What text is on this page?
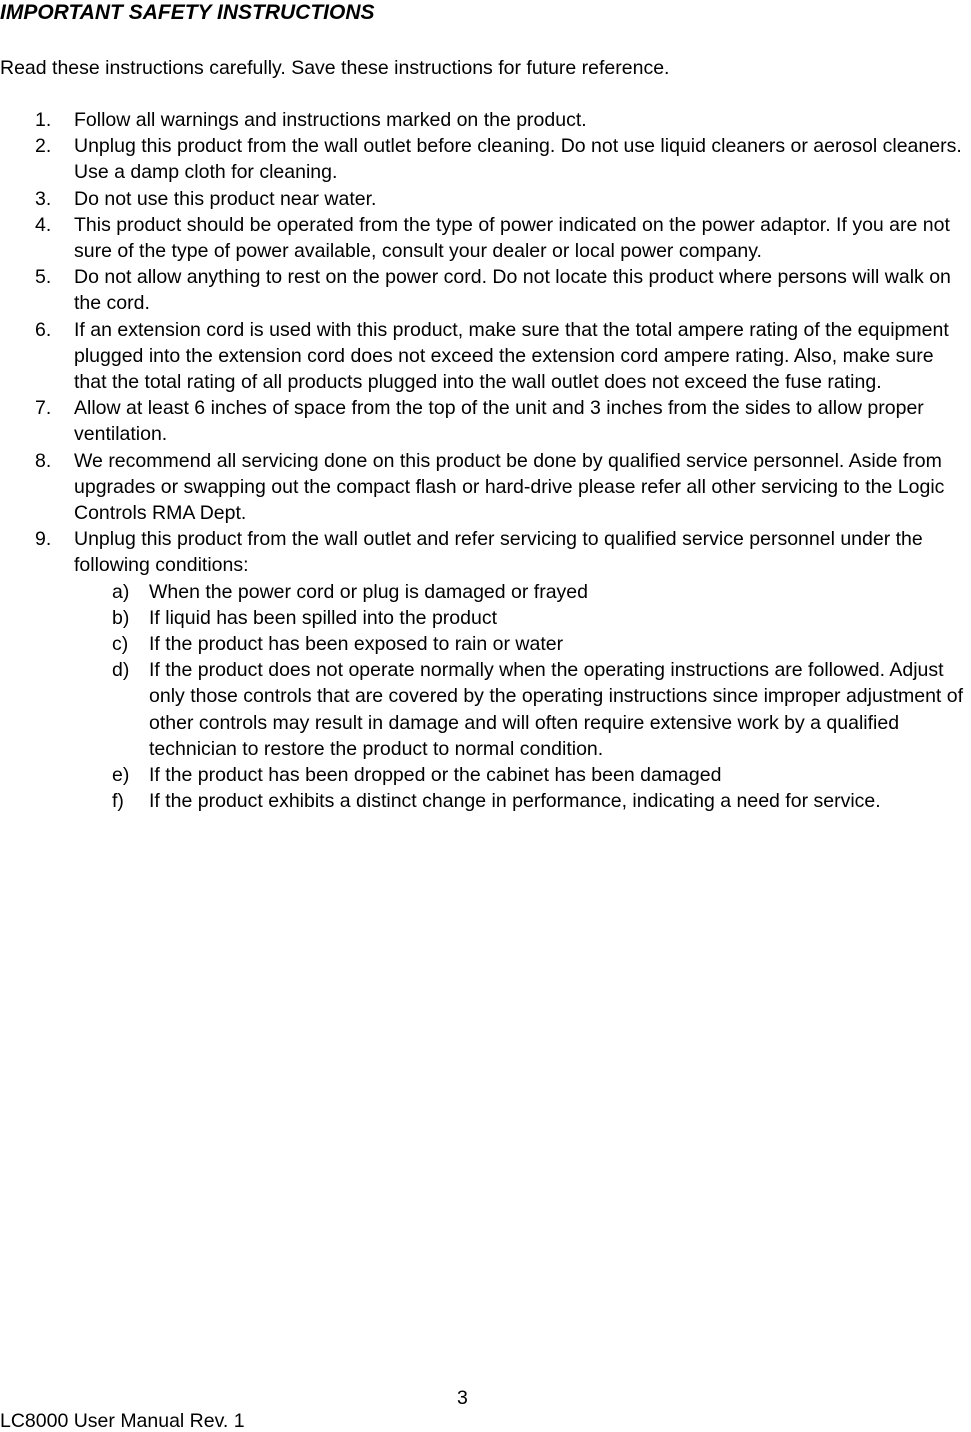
IMPORTANT SAFETY INSTRUCTIONS

Read these instructions carefully. Save these instructions for future reference.

1. Follow all warnings and instructions marked on the product.
2. Unplug this product from the wall outlet before cleaning. Do not use liquid cleaners or aerosol cleaners. Use a damp cloth for cleaning.
3. Do not use this product near water.
4. This product should be operated from the type of power indicated on the power adaptor. If you are not sure of the type of power available, consult your dealer or local power company.
5. Do not allow anything to rest on the power cord. Do not locate this product where persons will walk on the cord.
6. If an extension cord is used with this product, make sure that the total ampere rating of the equipment plugged into the extension cord does not exceed the extension cord ampere rating. Also, make sure that the total rating of all products plugged into the wall outlet does not exceed the fuse rating.
7. Allow at least 6 inches of space from the top of the unit and 3 inches from the sides to allow proper ventilation.
8. We recommend all servicing done on this product be done by qualified service personnel. Aside from upgrades or swapping out the compact flash or hard-drive please refer all other servicing to the Logic Controls RMA Dept.
9. Unplug this product from the wall outlet and refer servicing to qualified service personnel under the following conditions:
a) When the power cord or plug is damaged or frayed
b) If liquid has been spilled into the product
c) If the product has been exposed to rain or water
d) If the product does not operate normally when the operating instructions are followed. Adjust only those controls that are covered by the operating instructions since improper adjustment of other controls may result in damage and will often require extensive work by a qualified technician to restore the product to normal condition.
e) If the product has been dropped or the cabinet has been damaged
f) If the product exhibits a distinct change in performance, indicating a need for service.
3
LC8000 User Manual Rev. 1
